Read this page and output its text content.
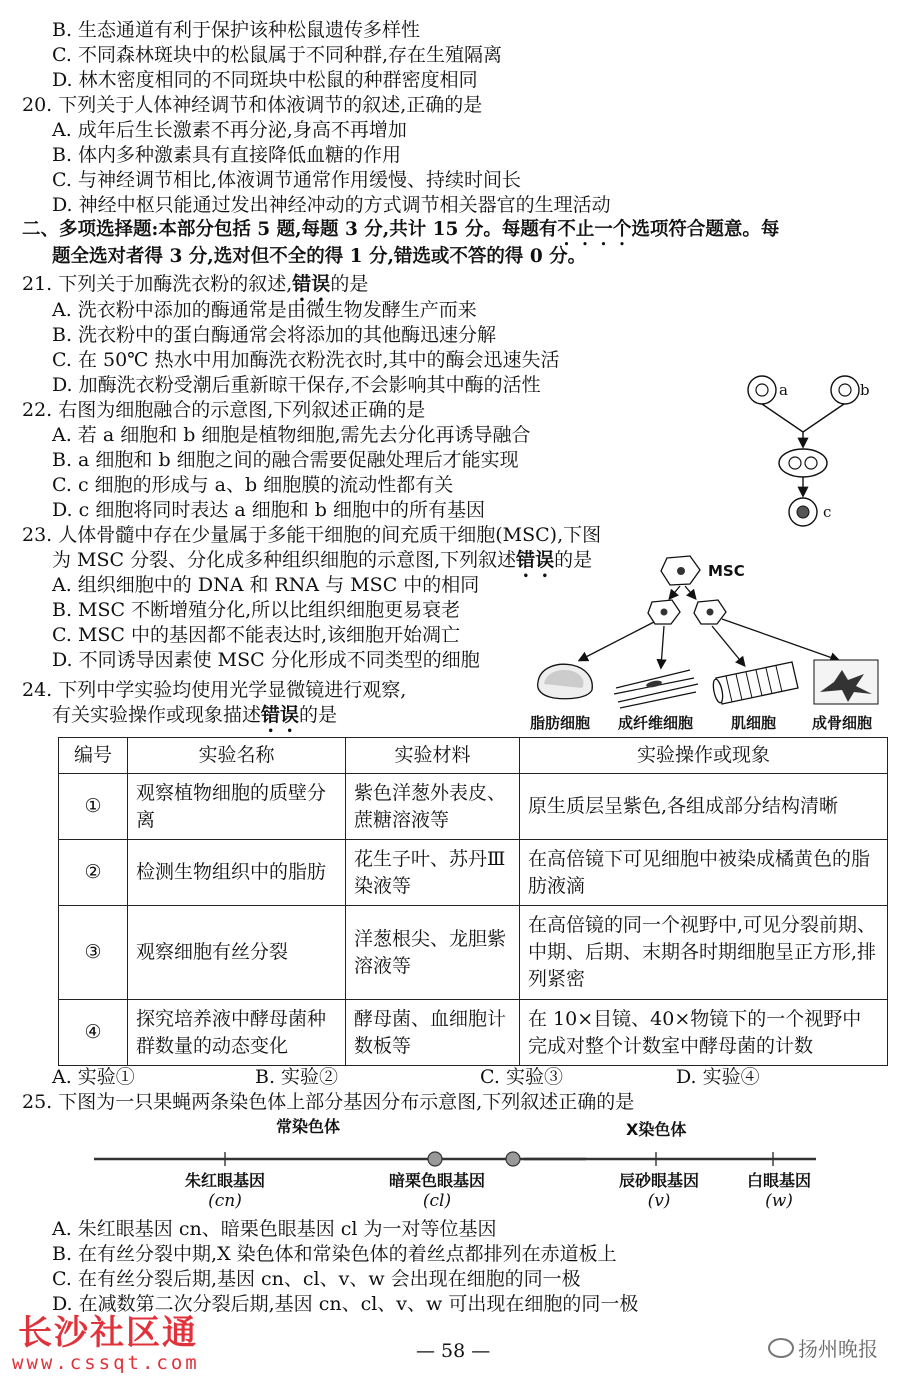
B. 生态通道有利于保护该种松鼠遗传多样性
C. 不同森林斑块中的松鼠属于不同种群,存在生殖隔离
D. 林木密度相同的不同斑块中松鼠的种群密度相同
20. 下列关于人体神经调节和体液调节的叙述,正确的是
A. 成年后生长激素不再分泌,身高不再增加
B. 体内多种激素具有直接降低血糖的作用
C. 与神经调节相比,体液调节通常作用缓慢、持续时间长
D. 神经中枢只能通过发出神经冲动的方式调节相关器官的生理活动
二、多项选择题:本部分包括 5 题,每题 3 分,共计 15 分。每题有不止一个选项符合题意。每
题全选对者得 3 分,选对但不全的得 1 分,错选或不答的得 0 分。
21. 下列关于加酶洗衣粉的叙述,错误的是
A. 洗衣粉中添加的酶通常是由微生物发酵生产而来
B. 洗衣粉中的蛋白酶通常会将添加的其他酶迅速分解
C. 在 50℃ 热水中用加酶洗衣粉洗衣时,其中的酶会迅速失活
D. 加酶洗衣粉受潮后重新晾干保存,不会影响其中酶的活性
22. 右图为细胞融合的示意图,下列叙述正确的是
A. 若 a 细胞和 b 细胞是植物细胞,需先去分化再诱导融合
B. a 细胞和 b 细胞之间的融合需要促融处理后才能实现
C. c 细胞的形成与 a、b 细胞膜的流动性都有关
D. c 细胞将同时表达 a 细胞和 b 细胞中的所有基因
a	b
c
23. 人体骨髓中存在少量属于多能干细胞的间充质干细胞(MSC),下图
为 MSC 分裂、分化成多种组织细胞的示意图,下列叙述错误的是
A. 组织细胞中的 DNA 和 RNA 与 MSC 中的相同
B. MSC 不断增殖分化,所以比组织细胞更易衰老
C. MSC 中的基因都不能表达时,该细胞开始凋亡
D. 不同诱导因素使 MSC 分化形成不同类型的细胞
MSC
脂肪细胞 成纤维细胞	肌细胞 成骨细胞
24. 下列中学实验均使用光学显微镜进行观察,
有关实验操作或现象描述错误的是
编号	实验名称	实验材料	实验操作或现象
①	观察植物细胞的质壁分离	紫色洋葱外表皮、蔗糖溶液等	原生质层呈紫色,各组成部分结构清晰
②	检测生物组织中的脂肪	花生子叶、苏丹Ⅲ染液等	在高倍镜下可见细胞中被染成橘黄色的脂肪液滴
③	观察细胞有丝分裂	洋葱根尖、龙胆紫溶液等	在高倍镜的同一个视野中,可见分裂前期、中期、后期、末期各时期细胞呈正方形,排列紧密
④	探究培养液中酵母菌种群数量的动态变化	酵母菌、血细胞计数板等	在 10×目镜、40×物镜下的一个视野中完成对整个计数室中酵母菌的计数
A. 实验①	B. 实验②	C. 实验③	D. 实验④
25. 下图为一只果蝇两条染色体上部分基因分布示意图,下列叙述正确的是
常染色体	X染色体
朱红眼基因
(cn)
暗栗色眼基因
(cl)
辰砂眼基因
(v)
白眼基因
(w)
A. 朱红眼基因 cn、暗栗色眼基因 cl 为一对等位基因
B. 在有丝分裂中期,X 染色体和常染色体的着丝点都排列在赤道板上
C. 在有丝分裂后期,基因 cn、cl、v、w 会出现在细胞的同一极
D. 在减数第二次分裂后期,基因 cn、cl、v、w 可出现在细胞的同一极
— 58 —
长沙社区通
www.cssqt.com
扬州晚报
